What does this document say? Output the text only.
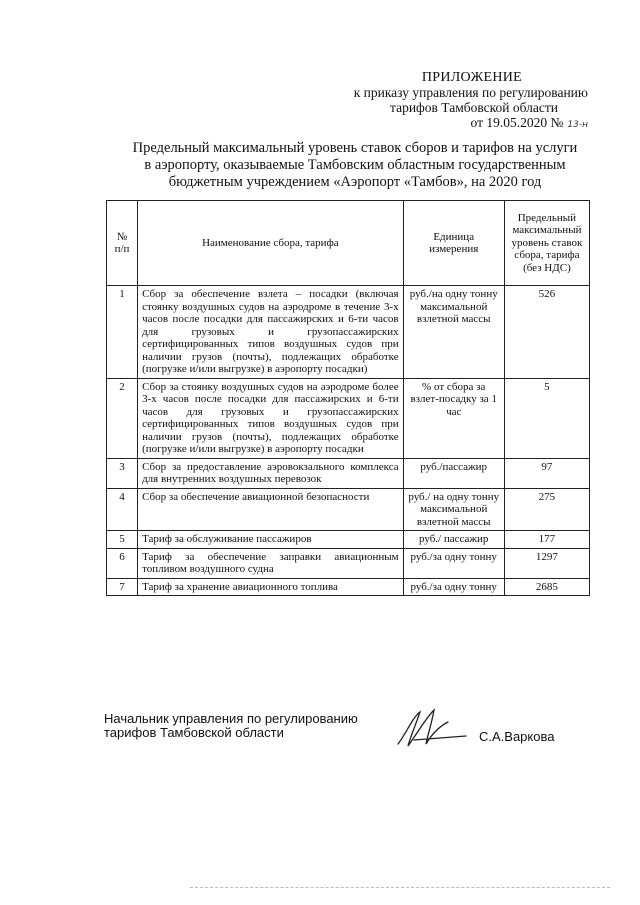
ПРИЛОЖЕНИЕ
к приказу управления по регулированию
тарифов Тамбовской области
от 19.05.2020 № 13-н
Предельный максимальный уровень ставок сборов и тарифов на услуги
в аэропорту, оказываемые Тамбовским областным государственным
бюджетным учреждением «Аэропорт «Тамбов», на 2020 год
№ п/п	Наименование сбора, тарифа	Единица измерения	Предельный максимальный уровень ставок сбора, тарифа (без НДС)
1	Сбор за обеспечение взлета – посадки (включая стоянку воздушных судов на аэродроме в течение 3-х часов после посадки для пассажирских и 6-ти часов для грузовых и грузопассажирских сертифицированных типов воздушных судов при наличии грузов (почты), подлежащих обработке (погрузке и/или выгрузке) в аэропорту посадки)	руб./на одну тонну максимальной взлетной массы	526
2	Сбор за стоянку воздушных судов на аэродроме более 3-х часов после посадки для пассажирских и 6-ти часов для грузовых и грузопассажирских сертифицированных типов воздушных судов при наличии грузов (почты), подлежащих обработке (погрузке и/или выгрузке) в аэропорту посадки	% от сбора за взлет-посадку за 1 час	5
3	Сбор за предоставление аэровокзального комплекса для внутренних воздушных перевозок	руб./пассажир	97
4	Сбор за обеспечение авиационной безопасности	руб./ на одну тонну максимальной взлетной массы	275
5	Тариф за обслуживание пассажиров	руб./ пассажир	177
6	Тариф за обеспечение заправки авиационным топливом воздушного судна	руб./за одну тонну	1297
7	Тариф за хранение авиационного топлива	руб./за одну тонну	2685
Начальник управления по регулированию
тарифов Тамбовской области	С.А.Варкова
